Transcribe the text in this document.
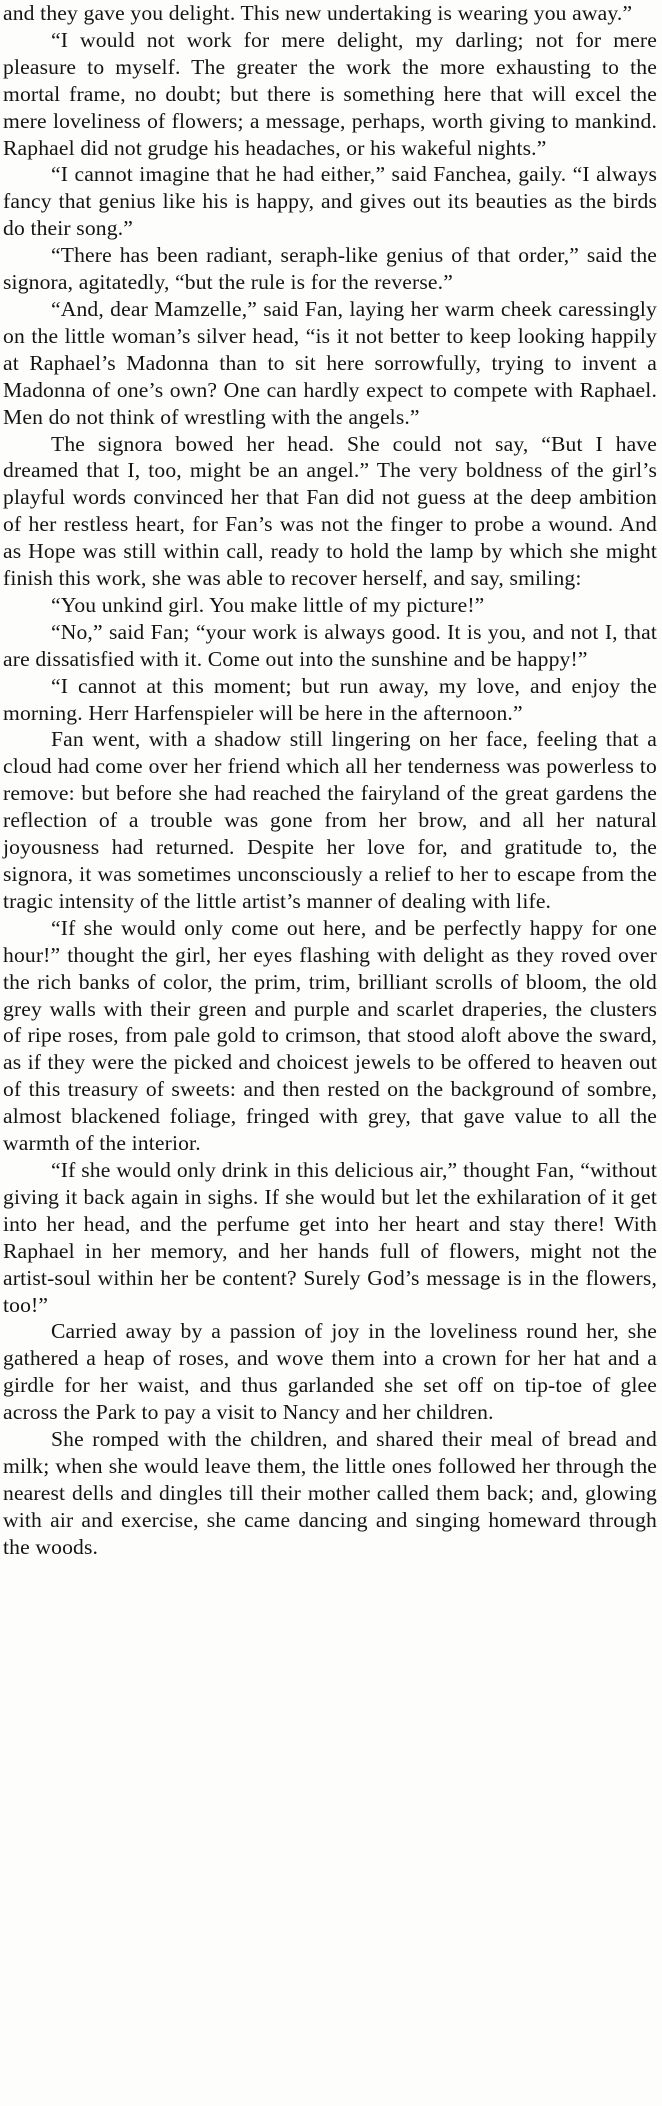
and they gave you delight. This new undertaking is wearing you away.”

“I would not work for mere delight, my darling; not for mere pleasure to myself. The greater the work the more exhausting to the mortal frame, no doubt; but there is something here that will excel the mere loveliness of flowers; a message, perhaps, worth giving to mankind. Raphael did not grudge his headaches, or his wakeful nights.”

“I cannot imagine that he had either,” said Fanchea, gaily. “I always fancy that genius like his is happy, and gives out its beauties as the birds do their song.”

“There has been radiant, seraph-like genius of that order,” said the signora, agitatedly, “but the rule is for the reverse.”

“And, dear Mamzelle,” said Fan, laying her warm cheek caressingly on the little woman’s silver head, “is it not better to keep looking happily at Raphael’s Madonna than to sit here sorrowfully, trying to invent a Madonna of one’s own? One can hardly expect to compete with Raphael. Men do not think of wrestling with the angels.”

The signora bowed her head. She could not say, “But I have dreamed that I, too, might be an angel.” The very boldness of the girl’s playful words convinced her that Fan did not guess at the deep ambition of her restless heart, for Fan’s was not the finger to probe a wound. And as Hope was still within call, ready to hold the lamp by which she might finish this work, she was able to recover herself, and say, smiling:

“You unkind girl. You make little of my picture!”

“No,” said Fan; “your work is always good. It is you, and not I, that are dissatisfied with it. Come out into the sunshine and be happy!”

“I cannot at this moment; but run away, my love, and enjoy the morning. Herr Harfenspieler will be here in the afternoon.”

Fan went, with a shadow still lingering on her face, feeling that a cloud had come over her friend which all her tenderness was powerless to remove: but before she had reached the fairyland of the great gardens the reflection of a trouble was gone from her brow, and all her natural joyousness had returned. Despite her love for, and gratitude to, the signora, it was sometimes unconsciously a relief to her to escape from the tragic intensity of the little artist’s manner of dealing with life.

“If she would only come out here, and be perfectly happy for one hour!” thought the girl, her eyes flashing with delight as they roved over the rich banks of color, the prim, trim, brilliant scrolls of bloom, the old grey walls with their green and purple and scarlet draperies, the clusters of ripe roses, from pale gold to crimson, that stood aloft above the sward, as if they were the picked and choicest jewels to be offered to heaven out of this treasury of sweets: and then rested on the background of sombre, almost blackened foliage, fringed with grey, that gave value to all the warmth of the interior.

“If she would only drink in this delicious air,” thought Fan, “without giving it back again in sighs. If she would but let the exhilaration of it get into her head, and the perfume get into her heart and stay there! With Raphael in her memory, and her hands full of flowers, might not the artist-soul within her be content? Surely God’s message is in the flowers, too!”

Carried away by a passion of joy in the loveliness round her, she gathered a heap of roses, and wove them into a crown for her hat and a girdle for her waist, and thus garlanded she set off on tip-toe of glee across the Park to pay a visit to Nancy and her children.

She romped with the children, and shared their meal of bread and milk; when she would leave them, the little ones followed her through the nearest dells and dingles till their mother called them back; and, glowing with air and exercise, she came dancing and singing homeward through the woods.
